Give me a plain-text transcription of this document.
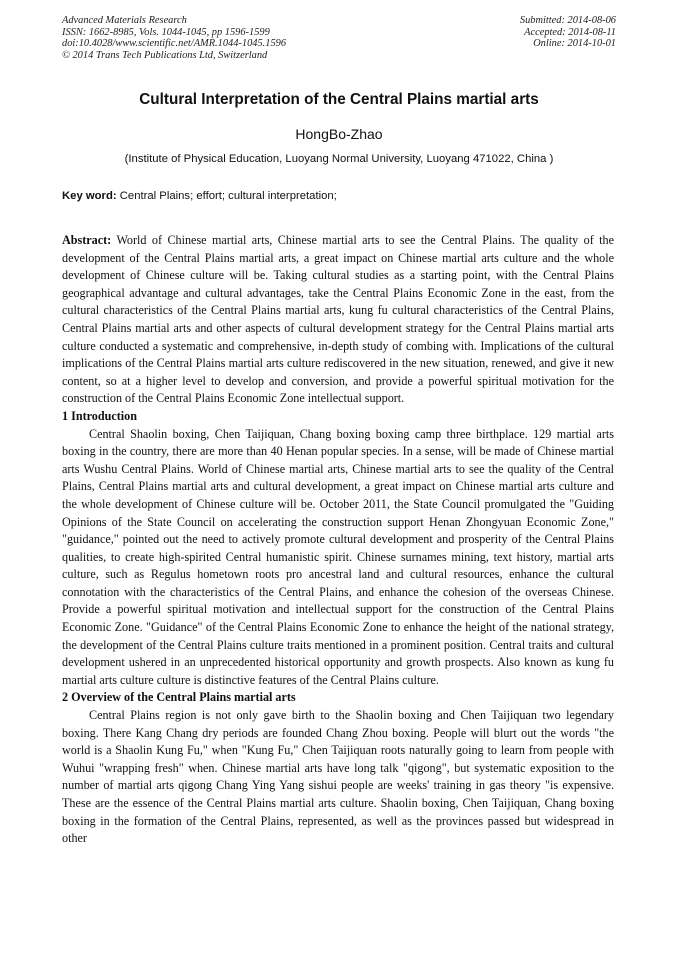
Advanced Materials Research
ISSN: 1662-8985, Vols. 1044-1045, pp 1596-1599
doi:10.4028/www.scientific.net/AMR.1044-1045.1596
© 2014 Trans Tech Publications Ltd, Switzerland
Submitted: 2014-08-06
Accepted: 2014-08-11
Online: 2014-10-01
Cultural Interpretation of the Central Plains martial arts
HongBo-Zhao
(Institute of Physical Education, Luoyang Normal University, Luoyang 471022, China )
Key word: Central Plains; effort; cultural interpretation;

Abstract: World of Chinese martial arts, Chinese martial arts to see the Central Plains. The quality of the development of the Central Plains martial arts, a great impact on Chinese martial arts culture and the whole development of Chinese culture will be. Taking cultural studies as a starting point, with the Central Plains geographical advantage and cultural advantages, take the Central Plains Economic Zone in the east, from the cultural characteristics of the Central Plains martial arts, kung fu cultural characteristics of the Central Plains, Central Plains martial arts and other aspects of cultural development strategy for the Central Plains martial arts culture conducted a systematic and comprehensive, in-depth study of combing with. Implications of the cultural implications of the Central Plains martial arts culture rediscovered in the new situation, renewed, and give it new content, so at a higher level to develop and conversion, and provide a powerful spiritual motivation for the construction of the Central Plains Economic Zone intellectual support.

1 Introduction

Central Shaolin boxing, Chen Taijiquan, Chang boxing boxing camp three birthplace. 129 martial arts boxing in the country, there are more than 40 Henan popular species. In a sense, will be made of Chinese martial arts Wushu Central Plains. World of Chinese martial arts, Chinese martial arts to see the quality of the Central Plains, Central Plains martial arts and cultural development, a great impact on Chinese martial arts culture and the whole development of Chinese culture will be. October 2011, the State Council promulgated the "Guiding Opinions of the State Council on accelerating the construction support Henan Zhongyuan Economic Zone," "guidance," pointed out the need to actively promote cultural development and prosperity of the Central Plains qualities, to create high-spirited Central humanistic spirit. Chinese surnames mining, text history, martial arts culture, such as Regulus hometown roots pro ancestral land and cultural resources, enhance the cultural connotation with the characteristics of the Central Plains, and enhance the cohesion of the overseas Chinese. Provide a powerful spiritual motivation and intellectual support for the construction of the Central Plains Economic Zone. "Guidance" of the Central Plains Economic Zone to enhance the height of the national strategy, the development of the Central Plains culture traits mentioned in a prominent position. Central traits and cultural development ushered in an unprecedented historical opportunity and growth prospects. Also known as kung fu martial arts culture culture is distinctive features of the Central Plains culture.

2 Overview of the Central Plains martial arts

Central Plains region is not only gave birth to the Shaolin boxing and Chen Taijiquan two legendary boxing. There Kang Chang dry periods are founded Chang Zhou boxing. People will blurt out the words "the world is a Shaolin Kung Fu," when "Kung Fu," Chen Taijiquan roots naturally going to learn from people with Wuhui "wrapping fresh" when. Chinese martial arts have long talk "qigong", but systematic exposition to the number of martial arts qigong Chang Ying Yang sishui people are weeks' training in gas theory "is expensive. These are the essence of the Central Plains martial arts culture. Shaolin boxing, Chen Taijiquan, Chang boxing boxing in the formation of the Central Plains, represented, as well as the provinces passed but widespread in other
